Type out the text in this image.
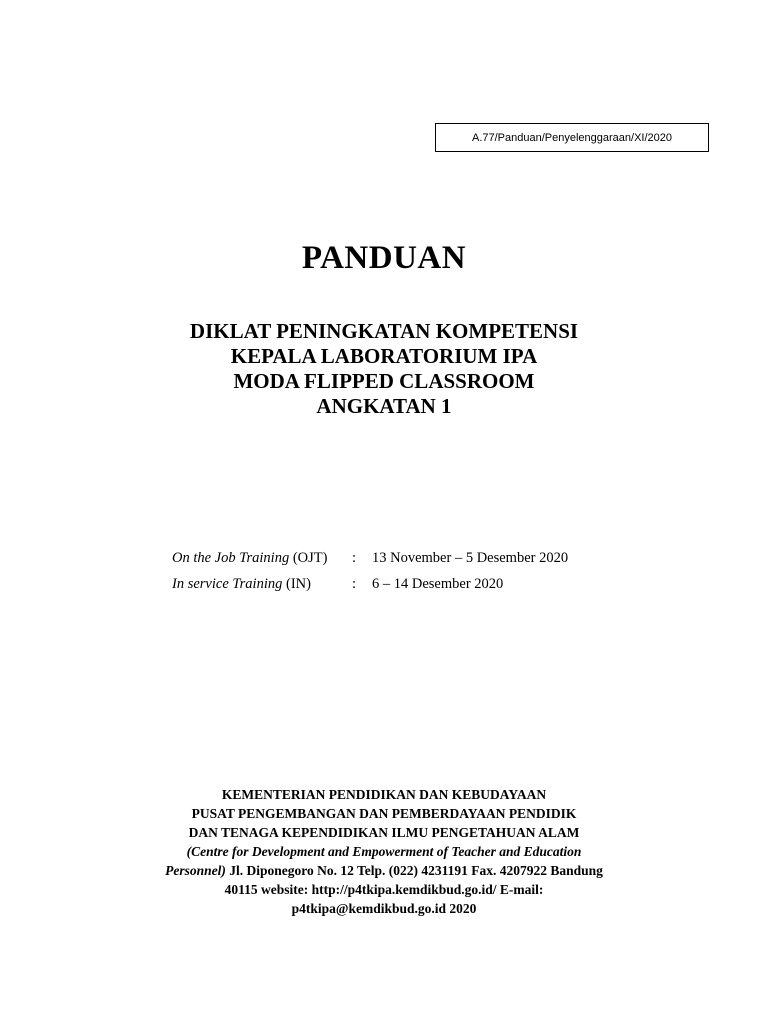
A.77/Panduan/Penyelenggaraan/XI/2020
PANDUAN
DIKLAT PENINGKATAN KOMPETENSI
KEPALA LABORATORIUM IPA
MODA FLIPPED CLASSROOM
ANGKATAN 1
On the Job Training (OJT)	:	13 November – 5 Desember 2020
In service Training (IN)	:	6 – 14 Desember 2020
KEMENTERIAN PENDIDIKAN DAN KEBUDAYAAN
PUSAT PENGEMBANGAN DAN PEMBERDAYAAN PENDIDIK
DAN TENAGA KEPENDIDIKAN ILMU PENGETAHUAN ALAM
(Centre for Development and Empowerment of Teacher and Education
Personnel) Jl. Diponegoro No. 12 Telp. (022) 4231191 Fax. 4207922 Bandung
40115 website: http://p4tkipa.kemdikbud.go.id/ E-mail:
p4tkipa@kemdikbud.go.id 2020
